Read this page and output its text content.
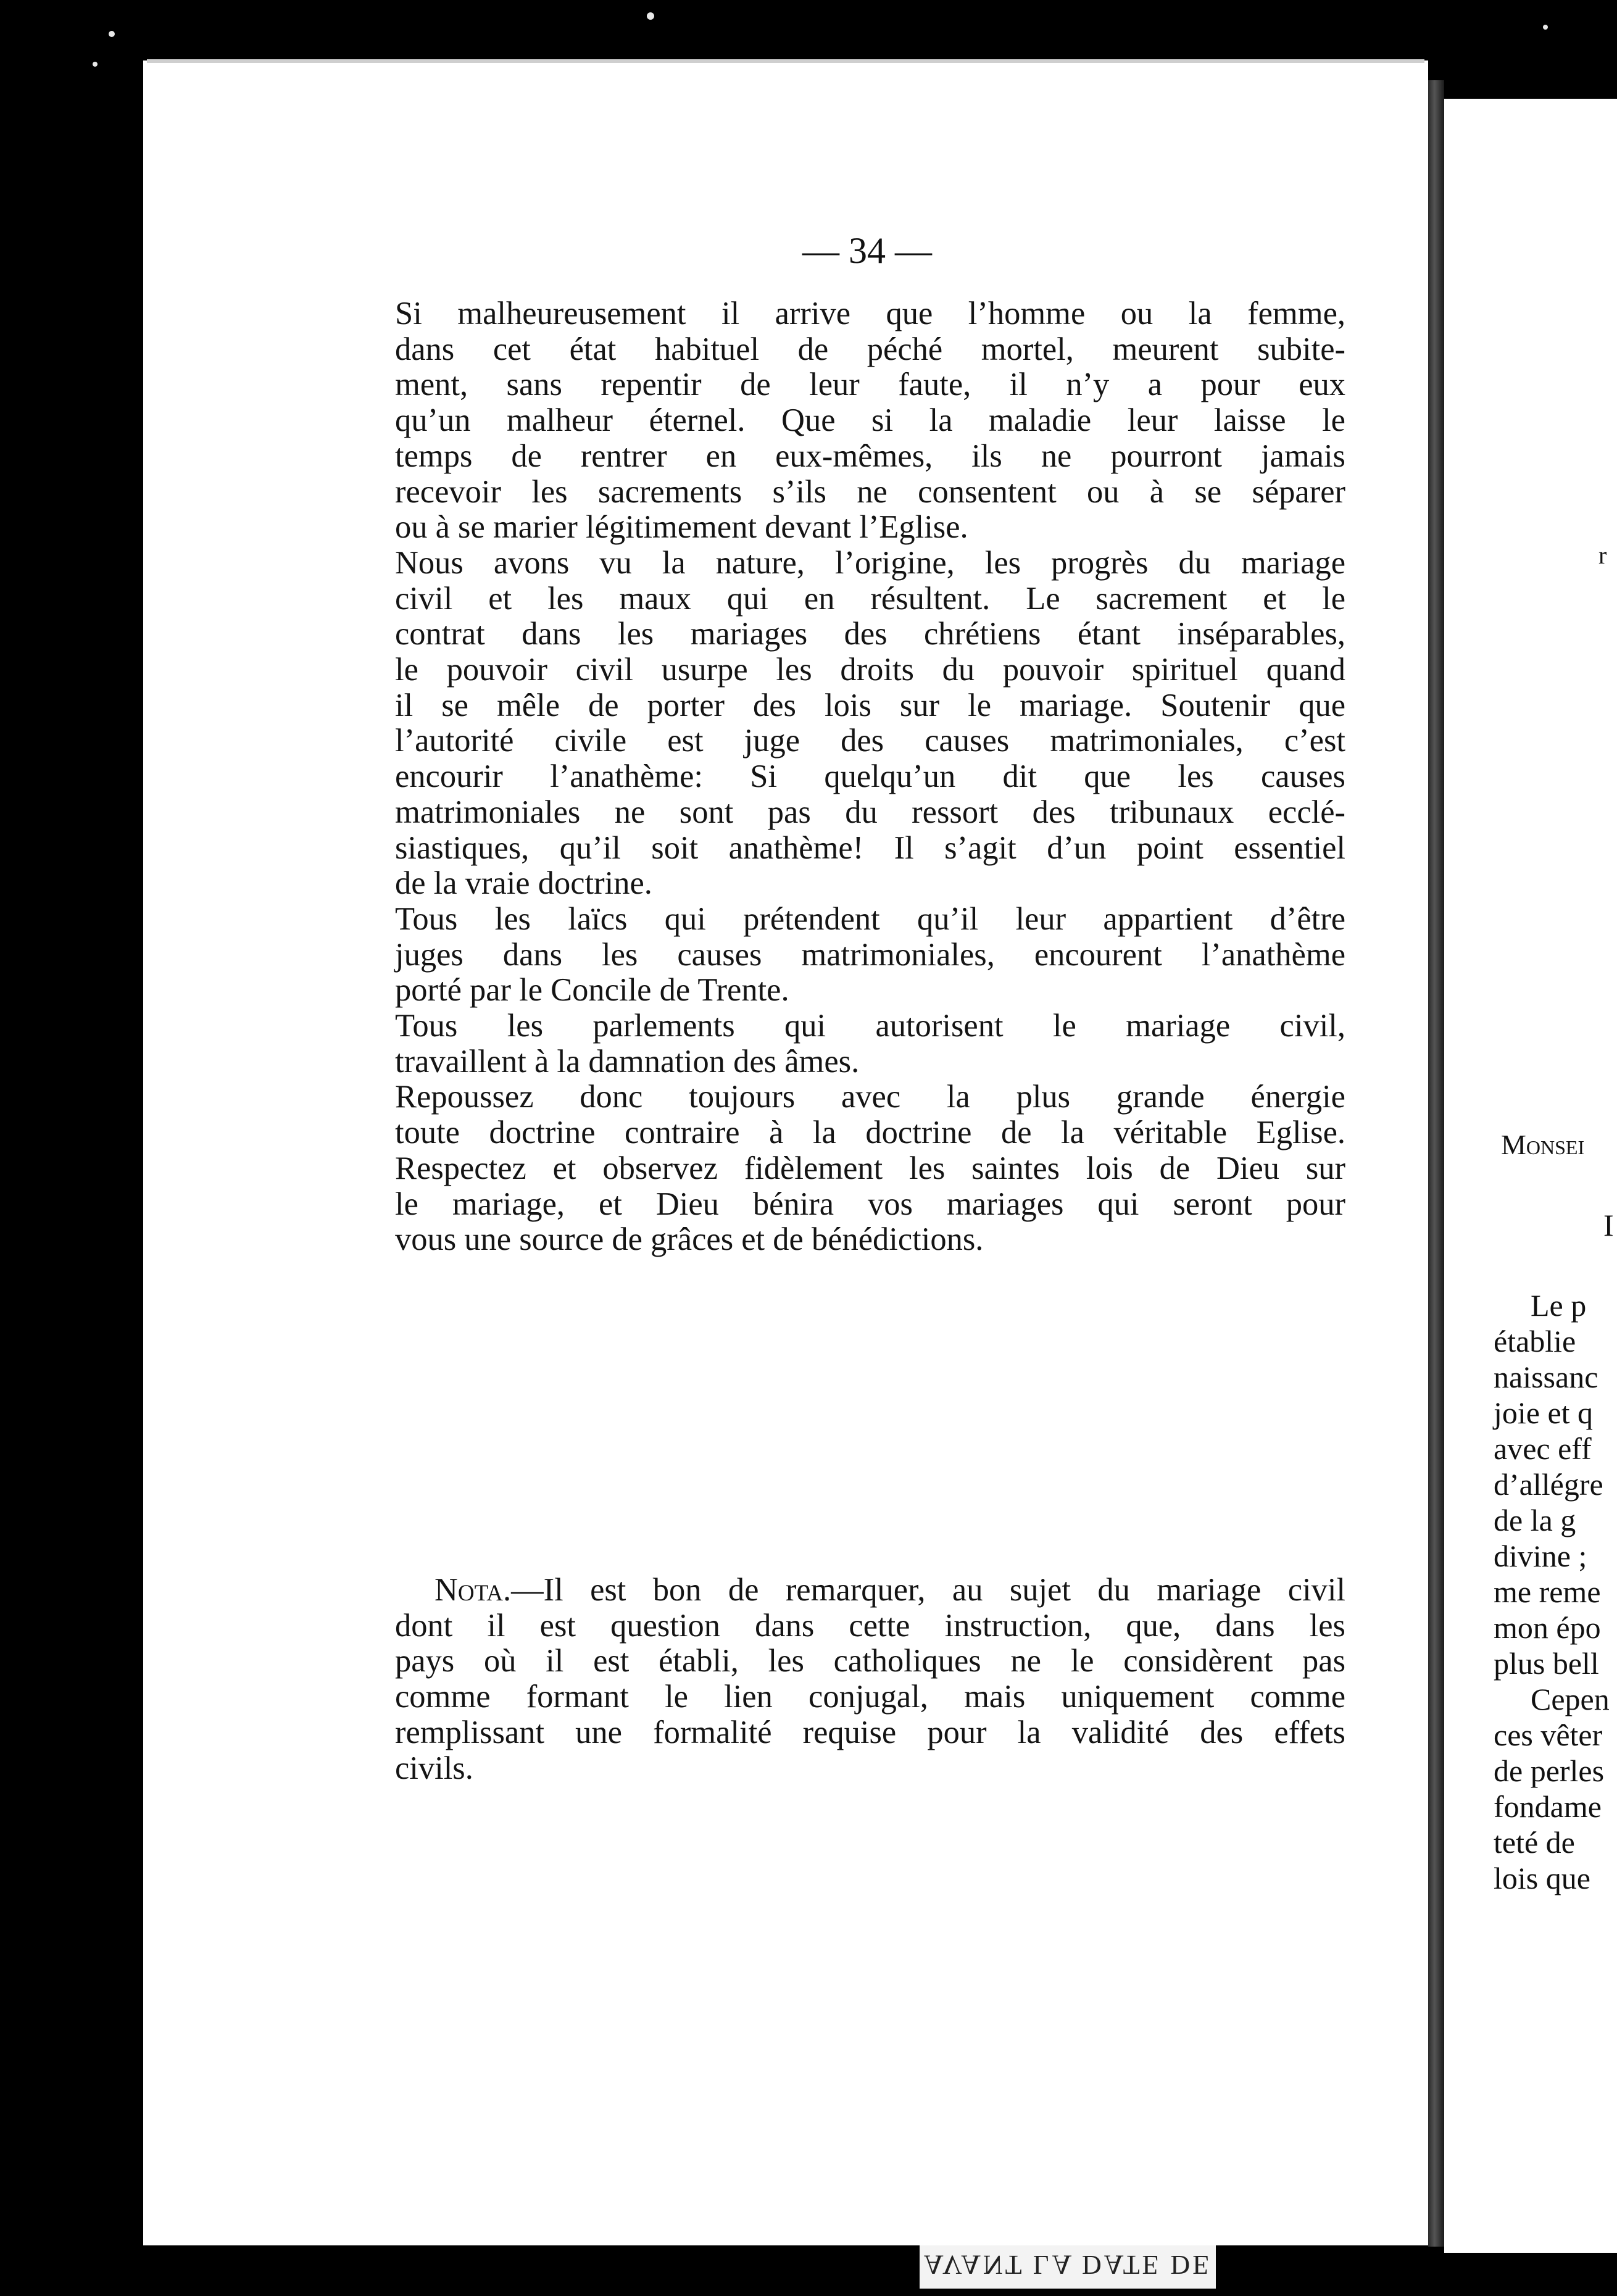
r
Monsei
I
Le p
établie
naissanc
joie et q
avec eff
d’allégre
de la g
divine ;
me reme
mon épo
plus bell
Cepen
ces vêter
de perles
fondame
teté de
lois que
AVANT LA DATE DE
— 34 —
Si malheureusement il arrive que l’homme ou la femme,
dans cet état habituel de péché mortel, meurent subite-
ment, sans repentir de leur faute, il n’y a pour eux
qu’un malheur éternel. Que si la maladie leur laisse le
temps de rentrer en eux-mêmes, ils ne pourront jamais
recevoir les sacrements s’ils ne consentent ou à se séparer
ou à se marier légitimement devant l’Eglise.
Nous avons vu la nature, l’origine, les progrès du mariage
civil et les maux qui en résultent. Le sacrement et le
contrat dans les mariages des chrétiens étant inséparables,
le pouvoir civil usurpe les droits du pouvoir spirituel quand
il se mêle de porter des lois sur le mariage. Soutenir que
l’autorité civile est juge des causes matrimoniales, c’est
encourir l’anathème: Si quelqu’un dit que les causes
matrimoniales ne sont pas du ressort des tribunaux ecclé-
siastiques, qu’il soit anathème! Il s’agit d’un point essentiel
de la vraie doctrine.
Tous les laïcs qui prétendent qu’il leur appartient d’être
juges dans les causes matrimoniales, encourent l’anathème
porté par le Concile de Trente.
Tous les parlements qui autorisent le mariage civil,
travaillent à la damnation des âmes.
Repoussez donc toujours avec la plus grande énergie
toute doctrine contraire à la doctrine de la véritable Eglise.
Respectez et observez fidèlement les saintes lois de Dieu sur
le mariage, et Dieu bénira vos mariages qui seront pour
vous une source de grâces et de bénédictions.
Nota.—Il est bon de remarquer, au sujet du mariage civil
dont il est question dans cette instruction, que, dans les
pays où il est établi, les catholiques ne le considèrent pas
comme formant le lien conjugal, mais uniquement comme
remplissant une formalité requise pour la validité des effets
civils.
